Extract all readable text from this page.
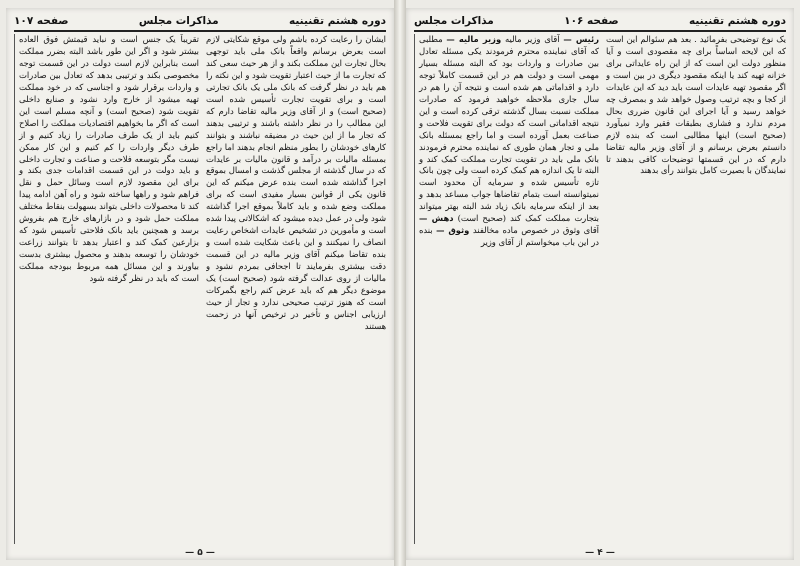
دوره هشتم تقنینیه
مذاکرات مجلس
صفحه ۱۰۷
ایشان را رعایت کرده باشم ولی موقع شکایتی لازم است بعرض برسانم واقعاً بانک ملی باید توجهی بحال تجارت این مملکت بکند و از هر حیث سعی کند که تجارت ما از حیث اعتبار تقویت شود و این نکته را هم باید در نظر گرفت که بانک ملی یک بانک تجارتی است و برای تقویت تجارت تأسیس شده است (صحیح است) و از آقای وزیر مالیه تقاضا دارم که این مطالب را در نظر داشته باشند و ترتیبی بدهند که تجار ما از این حیث در مضیقه نباشند و بتوانند کارهای خودشان را بطور منظم انجام بدهند اما راجع بمسئله مالیات بر درآمد و قانون مالیات بر عایدات که در سال گذشته از مجلس گذشت و امسال بموقع اجرا گذاشته شده است بنده عرض میکنم که این قانون یکی از قوانین بسیار مفیدی است که برای مملکت وضع شده و باید کاملاً بموقع اجرا گذاشته شود ولی در عمل دیده میشود که اشکالاتی پیدا شده است و مأمورین در تشخیص عایدات اشخاص رعایت انصاف را نمیکنند و این باعث شکایت شده است و بنده تقاضا میکنم آقای وزیر مالیه در این قسمت دقت بیشتری بفرمایند تا اجحافی بمردم نشود و مالیات از روی عدالت گرفته شود (صحیح است) یک موضوع دیگر هم که باید عرض کنم راجع بگمرکات است که هنوز ترتیب صحیحی ندارد و تجار از حیث ارزیابی اجناس و تأخیر در ترخیص آنها در زحمت هستند
تقریباً یک جنس است و نباید قیمتش فوق العاده بیشتر شود و اگر این طور باشد البته بضرر مملکت است بنابراین لازم است دولت در این قسمت توجه مخصوصی بکند و ترتیبی بدهد که تعادل بین صادرات و واردات برقرار شود و اجناسی که در خود مملکت تهیه میشود از خارج وارد نشود و صنایع داخلی تقویت شود (صحیح است) و آنچه مسلم است این است که اگر ما بخواهیم اقتصادیات مملکت را اصلاح کنیم باید از یک طرف صادرات را زیاد کنیم و از طرف دیگر واردات را کم کنیم و این کار ممکن نیست مگر بتوسعه فلاحت و صناعت و تجارت داخلی و باید دولت در این قسمت اقدامات جدی بکند و برای این مقصود لازم است وسائل حمل و نقل فراهم شود و راهها ساخته شود و راه آهن ادامه پیدا کند تا محصولات داخلی بتواند بسهولت بنقاط مختلف مملکت حمل شود و در بازارهای خارج هم بفروش برسد و همچنین باید بانک فلاحتی تأسیس شود که بزارعین کمک کند و اعتبار بدهد تا بتوانند زراعت خودشان را توسعه بدهند و محصول بیشتری بدست بیاورند و این مسائل همه مربوط ببودجه مملکت است که باید در نظر گرفته شود
— ۵ —
دوره هشتم تقنینیه
صفحه ۱۰۶
مذاکرات مجلس
یک نوع توضیحی بفرمائید . بعد هم سئوالم این است که این لایحه اساساً برای چه مقصودی است و آیا منظور دولت این است که از این راه عایداتی برای خزانه تهیه کند یا اینکه مقصود دیگری در بین است و اگر مقصود تهیه عایدات است باید دید که این عایدات از کجا و بچه ترتیب وصول خواهد شد و بمصرف چه خواهد رسید و آیا اجرای این قانون ضرری بحال مردم ندارد و فشاری بطبقات فقیر وارد نمیآورد (صحیح است) اینها مطالبی است که بنده لازم دانستم بعرض برسانم و از آقای وزیر مالیه تقاضا دارم که در این قسمتها توضیحات کافی بدهند تا نمایندگان با بصیرت کامل بتوانند رأی بدهند
رئیس — آقای وزیر مالیه وزیر مالیه — مطلبی که آقای نماینده محترم فرمودند یکی مسئله تعادل بین صادرات و واردات بود که البته مسئله بسیار مهمی است و دولت هم در این قسمت کاملاً توجه دارد و اقداماتی هم شده است و نتیجه آن را هم در سال جاری ملاحظه خواهید فرمود که صادرات مملکت نسبت بسال گذشته ترقی کرده است و این نتیجه اقداماتی است که دولت برای تقویت فلاحت و صناعت بعمل آورده است و اما راجع بمسئله بانک ملی و تجار همان طوری که نماینده محترم فرمودند بانک ملی باید در تقویت تجارت مملکت کمک کند و البته تا یک اندازه هم کمک کرده است ولی چون بانک تازه تأسیس شده و سرمایه آن محدود است نمیتوانسته است بتمام تقاضاها جواب مساعد بدهد و بعد از اینکه سرمایه بانک زیاد شد البته بهتر میتواند بتجارت مملکت کمک کند (صحیح است) دهش — آقای وثوق در خصوص ماده مخالفند وثوق — بنده در این باب میخواستم از آقای وزیر
— ۴ —
